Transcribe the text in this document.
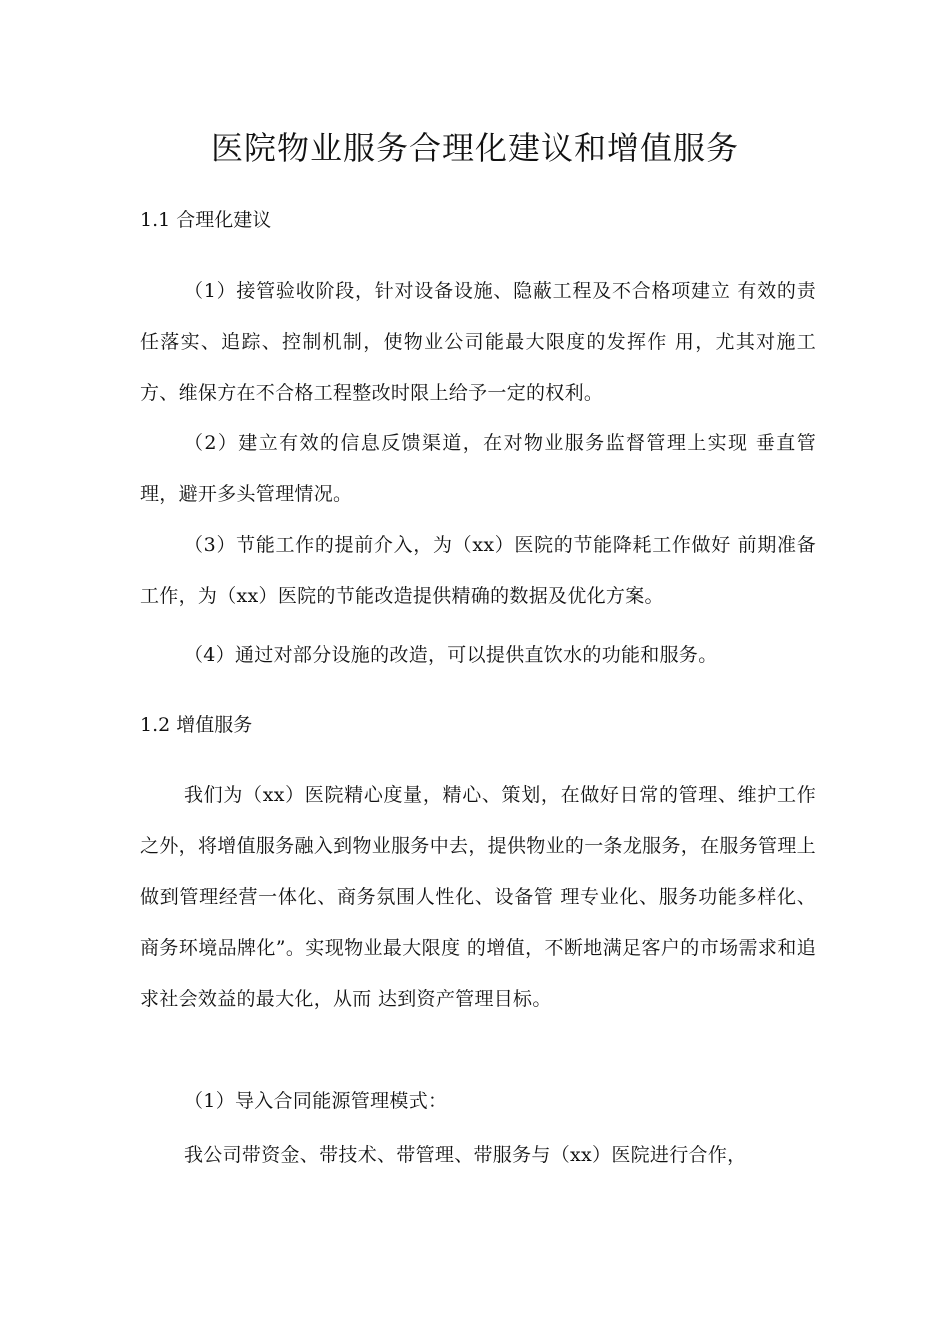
医院物业服务合理化建议和增值服务
1.1 合理化建议

（1）接管验收阶段，针对设备设施、隐蔽工程及不合格项建立 有效的责任落实、追踪、控制机制，使物业公司能最大限度的发挥作 用，尤其对施工方、维保方在不合格工程整改时限上给予一定的权利。

（2）建立有效的信息反馈渠道，在对物业服务监督管理上实现 垂直管理，避开多头管理情况。

（3）节能工作的提前介入，为（xx）医院的节能降耗工作做好 前期准备工作，为（xx）医院的节能改造提供精确的数据及优化方案。

（4）通过对部分设施的改造，可以提供直饮水的功能和服务。

1.2 增值服务

我们为（xx）医院精心度量，精心、策划，在做好日常的管理、维护工作之外，将增值服务融入到物业服务中去，提供物业的一条龙服务，在服务管理上做到管理经营一体化、商务氛围人性化、设备管 理专业化、服务功能多样化、商务环境品牌化”。实现物业最大限度 的增值，不断地满足客户的市场需求和追求社会效益的最大化，从而 达到资产管理目标。

（1）导入合同能源管理模式：

我公司带资金、带技术、带管理、带服务与（xx）医院进行合作，
